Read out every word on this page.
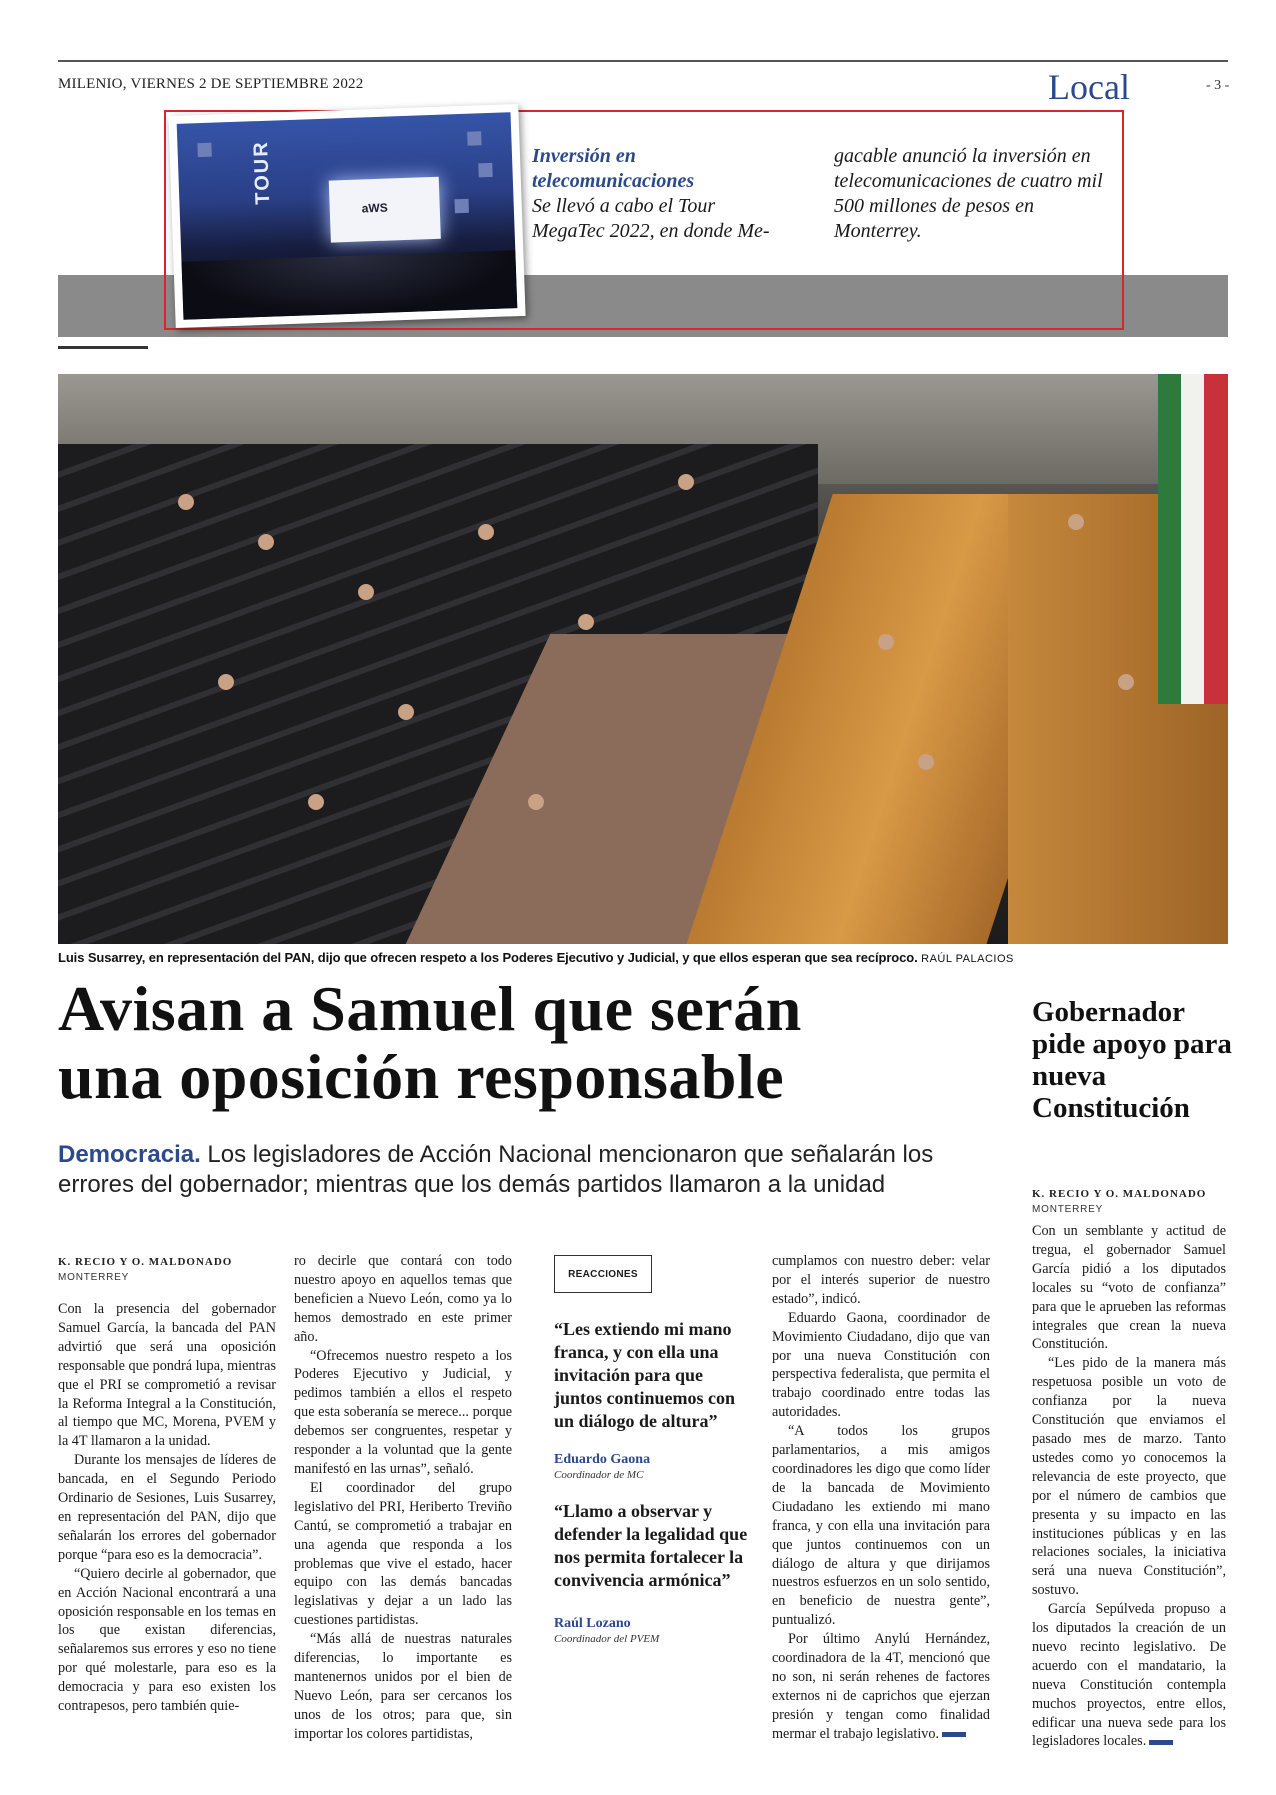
MILENIO, VIERNES 2 DE SEPTIEMBRE 2022	Local	- 3 -
TOUR
aWS
Inversión en
telecomunicaciones
Se llevó a cabo el Tour MegaTec 2022, en donde Me-
gacable anunció la inversión en telecomunicaciones de cuatro mil 500 millones de pesos en Monterrey.
Luis Susarrey, en representación del PAN, dijo que ofrecen respeto a los Poderes Ejecutivo y Judicial, y que ellos esperan que sea recíproco. RAÚL PALACIOS
Avisan a Samuel que serán
una oposición responsable
Democracia. Los legisladores de Acción Nacional mencionaron que señalarán los errores del gobernador; mientras que los demás partidos llamaron a la unidad
K. RECIO Y O. MALDONADO
MONTERREY

Con la presencia del gobernador Samuel García, la bancada del PAN advirtió que será una oposición responsable que pondrá lupa, mientras que el PRI se comprometió a revisar la Reforma Integral a la Constitución, al tiempo que MC, Morena, PVEM y la 4T llamaron a la unidad.

Durante los mensajes de líderes de bancada, en el Segundo Periodo Ordinario de Sesiones, Luis Susarrey, en representación del PAN, dijo que señalarán los errores del gobernador porque “para eso es la democracia”.

“Quiero decirle al gobernador, que en Acción Nacional encontrará a una oposición responsable en los temas en los que existan diferencias, señalaremos sus errores y eso no tiene por qué molestarle, para eso es la democracia y para eso existen los contrapesos, pero también quie-

ro decirle que contará con todo nuestro apoyo en aquellos temas que beneficien a Nuevo León, como ya lo hemos demostrado en este primer año.

“Ofrecemos nuestro respeto a los Poderes Ejecutivo y Judicial, y pedimos también a ellos el respeto que esta soberanía se merece... porque debemos ser congruentes, respetar y responder a la voluntad que la gente manifestó en las urnas”, señaló.

El coordinador del grupo legislativo del PRI, Heriberto Treviño Cantú, se comprometió a trabajar en una agenda que responda a los problemas que vive el estado, hacer equipo con las demás bancadas legislativas y dejar a un lado las cuestiones partidistas.

“Más allá de nuestras naturales diferencias, lo importante es mantenernos unidos por el bien de Nuevo León, para ser cercanos los unos de los otros; para que, sin importar los colores partidistas,

REACCIONES
“Les extiendo mi mano franca, y con ella una invitación para que juntos continuemos con un diálogo de altura”
Eduardo Gaona
Coordinador de MC
“Llamo a observar y defender la legalidad que nos permita fortalecer la convivencia armónica”
Raúl Lozano
Coordinador del PVEM

cumplamos con nuestro deber: velar por el interés superior de nuestro estado”, indicó.

Eduardo Gaona, coordinador de Movimiento Ciudadano, dijo que van por una nueva Constitución con perspectiva federalista, que permita el trabajo coordinado entre todas las autoridades.

“A todos los grupos parlamentarios, a mis amigos coordinadores les digo que como líder de la bancada de Movimiento Ciudadano les extiendo mi mano franca, y con ella una invitación para que juntos continuemos con un diálogo de altura y que dirijamos nuestros esfuerzos en un solo sentido, en beneficio de nuestra gente”, puntualizó.

Por último Anylú Hernández, coordinadora de la 4T, mencionó que no son, ni serán rehenes de factores externos ni de caprichos que ejerzan presión y tengan como finalidad mermar el trabajo legislativo.

Gobernador pide apoyo para nueva Constitución
K. RECIO Y O. MALDONADO
MONTERREY

Con un semblante y actitud de tregua, el gobernador Samuel García pidió a los diputados locales su “voto de confianza” para que le aprueben las reformas integrales que crean la nueva Constitución.

“Les pido de la manera más respetuosa posible un voto de confianza por la nueva Constitución que enviamos el pasado mes de marzo. Tanto ustedes como yo conocemos la relevancia de este proyecto, que por el número de cambios que presenta y su impacto en las instituciones públicas y en las relaciones sociales, la iniciativa será una nueva Constitución”, sostuvo.

García Sepúlveda propuso a los diputados la creación de un nuevo recinto legislativo. De acuerdo con el mandatario, la nueva Constitución contempla muchos proyectos, entre ellos, edificar una nueva sede para los legisladores locales.
